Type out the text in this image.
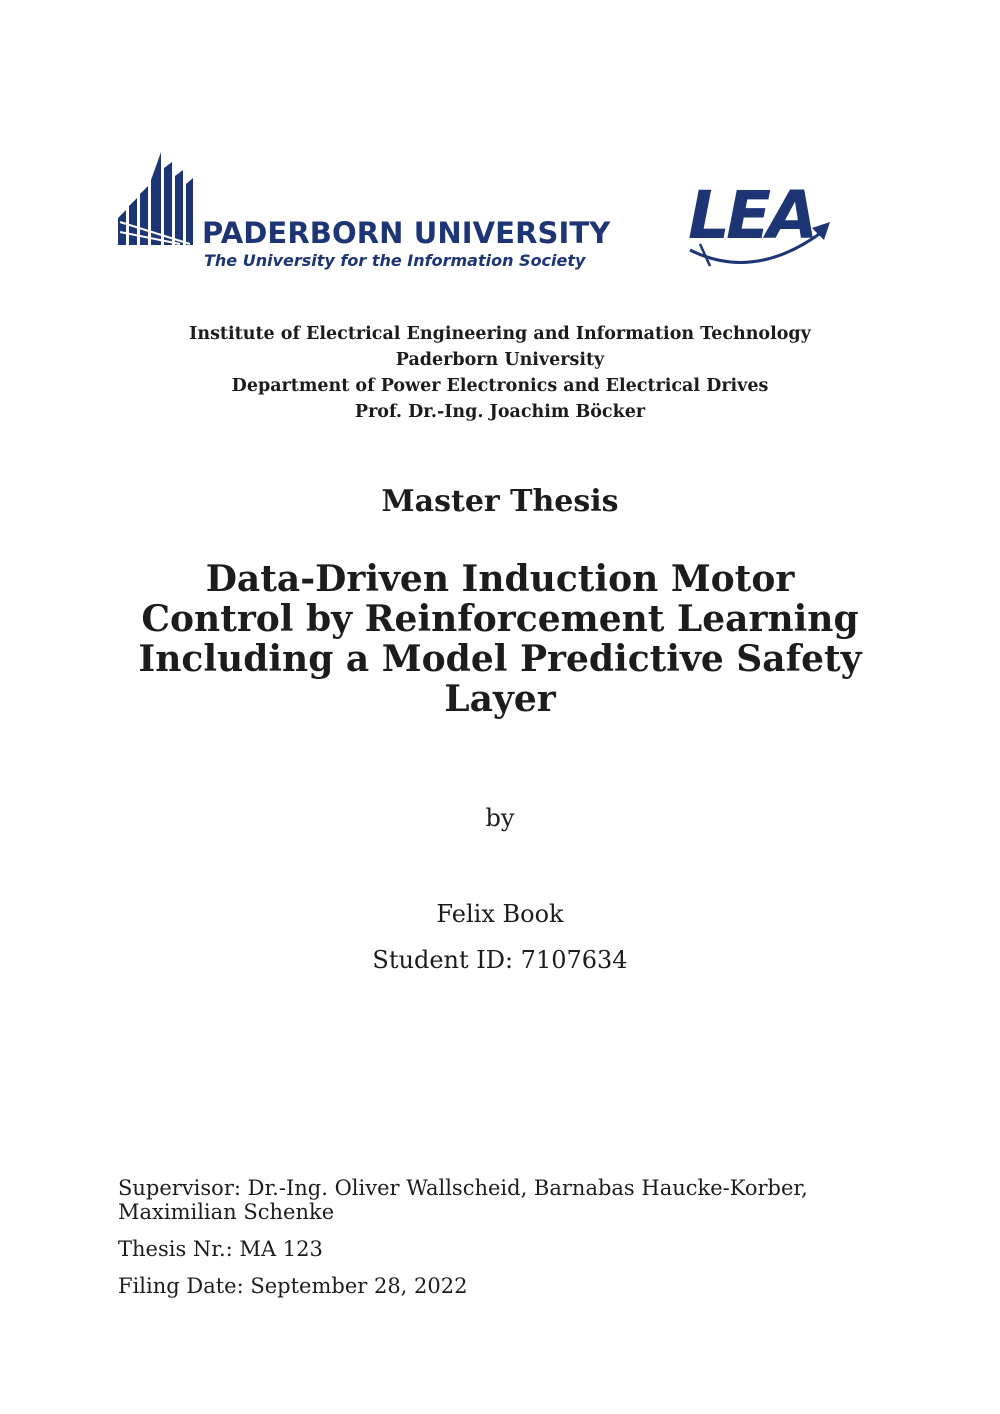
PADERBORN UNIVERSITY
The University for the Information Society
LEA
Institute of Electrical Engineering and Information Technology
Paderborn University
Department of Power Electronics and Electrical Drives
Prof. Dr.-Ing. Joachim Böcker
Master Thesis
Data-Driven Induction Motor
Control by Reinforcement Learning
Including a Model Predictive Safety
Layer
by
Felix Book
Student ID: 7107634
Supervisor: Dr.-Ing. Oliver Wallscheid, Barnabas Haucke-Korber,
Maximilian Schenke
Thesis Nr.: MA 123
Filing Date: September 28, 2022
